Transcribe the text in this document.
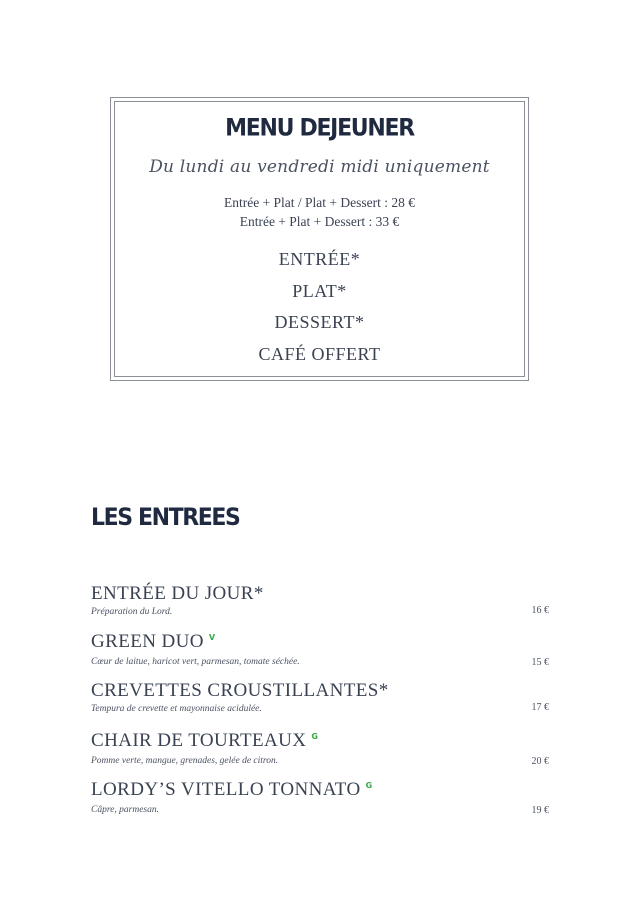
MENU DEJEUNER
Du lundi au vendredi midi uniquement
Entrée + Plat / Plat + Dessert : 28 €
Entrée + Plat + Dessert : 33 €
ENTRÉE*
PLAT*
DESSERT*
CAFÉ OFFERT
LES ENTREES
ENTRÉE DU JOUR*
Préparation du Lord.	16 €
GREEN DUO $^V$
Cœur de laitue, haricot vert, parmesan, tomate séchée.	15 €
CREVETTES CROUSTILLANTES*
Tempura de crevette et mayonnaise acidulée.	17 €
CHAIR DE TOURTEAUX $^G$
Pomme verte, mangue, grenades, gelée de citron.	20 €
LORDY’S VITELLO TONNATO $^G$
Câpre, parmesan.	19 €
